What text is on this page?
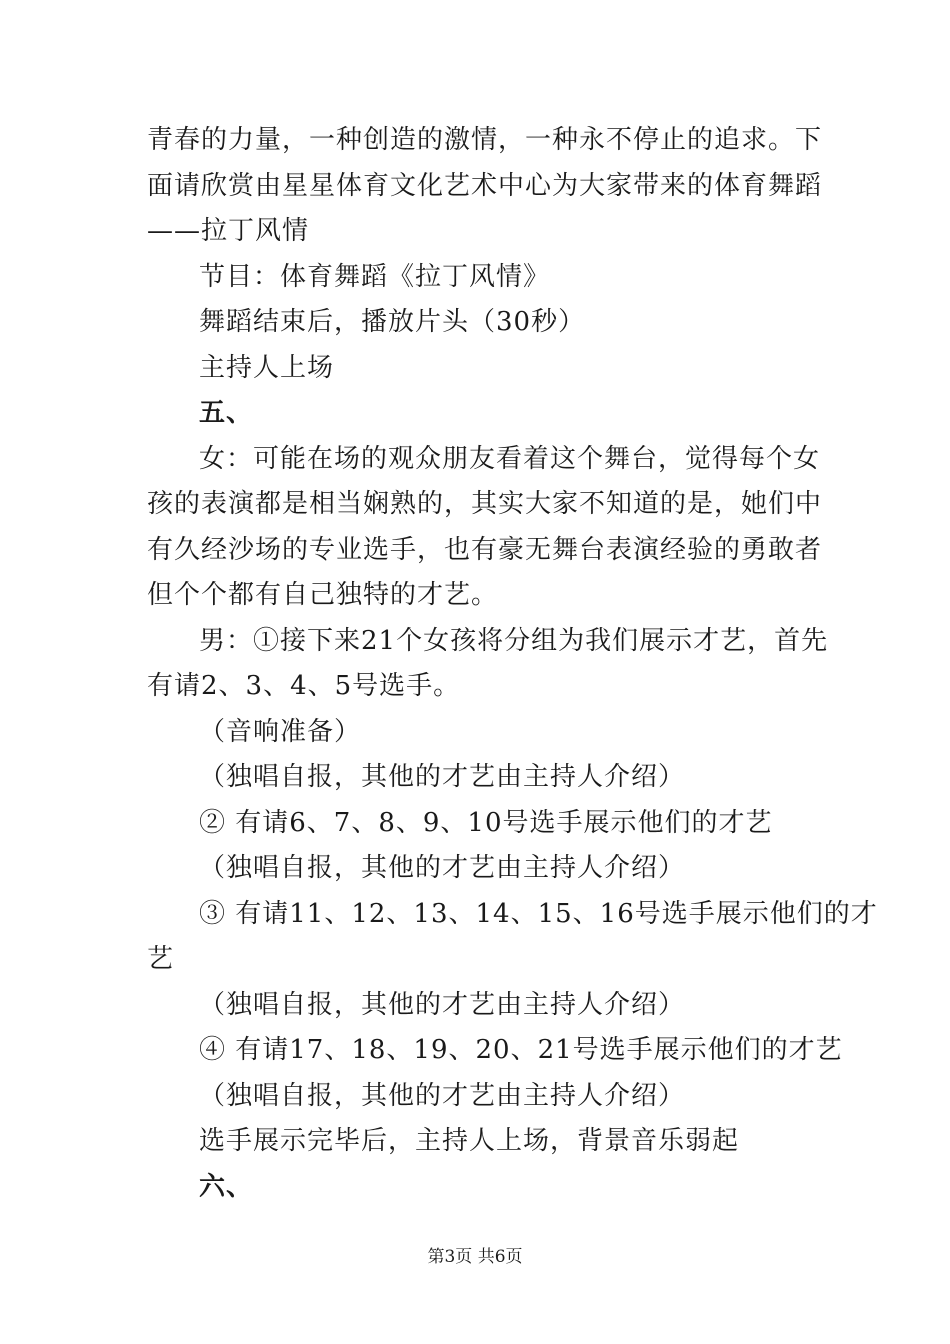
青春的力量，一种创造的激情，一种永不停止的追求。下
面请欣赏由星星体育文化艺术中心为大家带来的体育舞蹈
——拉丁风情
节目：体育舞蹈《拉丁风情》
舞蹈结束后，播放片头（30秒）
主持人上场
五、
女：可能在场的观众朋友看着这个舞台，觉得每个女
孩的表演都是相当娴熟的，其实大家不知道的是，她们中
有久经沙场的专业选手，也有豪无舞台表演经验的勇敢者
但个个都有自己独特的才艺。
男：①接下来21个女孩将分组为我们展示才艺，首先
有请2、3、4、5号选手。
（音响准备）
（独唱自报，其他的才艺由主持人介绍）
② 有请6、7、8、9、10号选手展示他们的才艺
（独唱自报，其他的才艺由主持人介绍）
③ 有请11、12、13、14、15、16号选手展示他们的才
艺
（独唱自报，其他的才艺由主持人介绍）
④ 有请17、18、19、20、21号选手展示他们的才艺
（独唱自报，其他的才艺由主持人介绍）
选手展示完毕后，主持人上场，背景音乐弱起
六、
第3页 共6页
